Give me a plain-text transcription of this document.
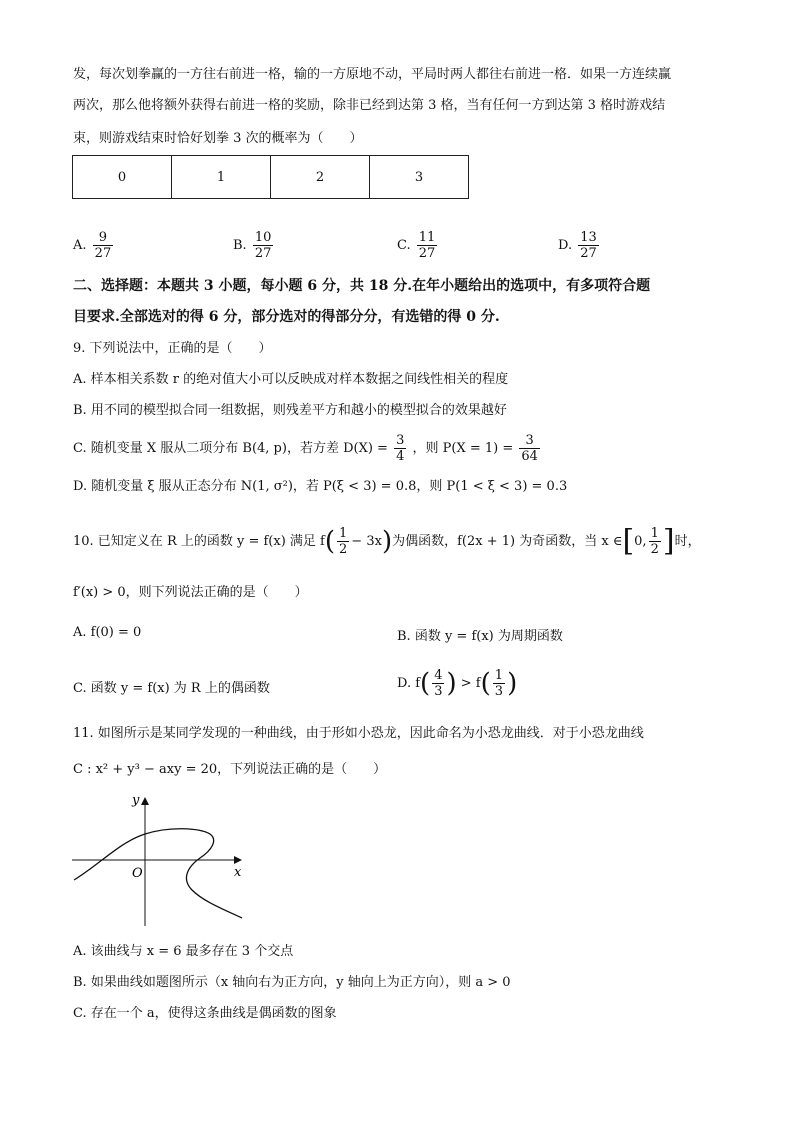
发，每次划拳赢的一方往右前进一格，输的一方原地不动，平局时两人都往右前进一格．如果一方连续赢
两次，那么他将额外获得右前进一格的奖励，除非已经到达第 3 格，当有任何一方到达第 3 格时游戏结
束，则游戏结束时恰好划拳 3 次的概率为（　　）
0	1	2	3
A. $\frac{9}{27}$	B. $\frac{10}{27}$	C. $\frac{11}{27}$	D. $\frac{13}{27}$
二、选择题：本题共 3 小题，每小题 6 分，共 18 分.在年小题给出的选项中，有多项符合题
目要求.全部选对的得 6 分，部分选对的得部分分，有选错的得 0 分.
9. 下列说法中，正确的是（　　）
A. 样本相关系数 r 的绝对值大小可以反映成对样本数据之间线性相关的程度
B. 用不同的模型拟合同一组数据，则残差平方和越小的模型拟合的效果越好
C. 随机变量 X 服从二项分布 B(4, p)，若方差 $D(X) = \frac{3}{4}$ ，则 $P(X = 1) = \frac{3}{64}$
D. 随机变量 ξ 服从正态分布 N(1, σ²)，若 P(ξ < 3) = 0.8，则 P(1 < ξ < 3) = 0.3
10. 已知定义在 R 上的函数 y = f(x) 满足 $f( \frac{1}{2} - 3x)$为偶函数，f(2x + 1) 为奇函数，当 x ∈[0, $\frac{1}{2}$ ]时，
f′(x) > 0，则下列说法正确的是（　　）
A. f(0) = 0	B. 函数 y = f(x) 为周期函数
C. 函数 y = f(x) 为 R 上的偶函数	D. $f( \frac{4}{3}$ ) > $f( \frac{1}{3}$ )
11. 如图所示是某同学发现的一种曲线，由于形如小恐龙，因此命名为小恐龙曲线．对于小恐龙曲线
C : x² + y³ − axy = 20，下列说法正确的是（　　）
y
x
O
A. 该曲线与 x = 6 最多存在 3 个交点
B. 如果曲线如题图所示（x 轴向右为正方向，y 轴向上为正方向），则 a > 0
C. 存在一个 a，使得这条曲线是偶函数的图象
